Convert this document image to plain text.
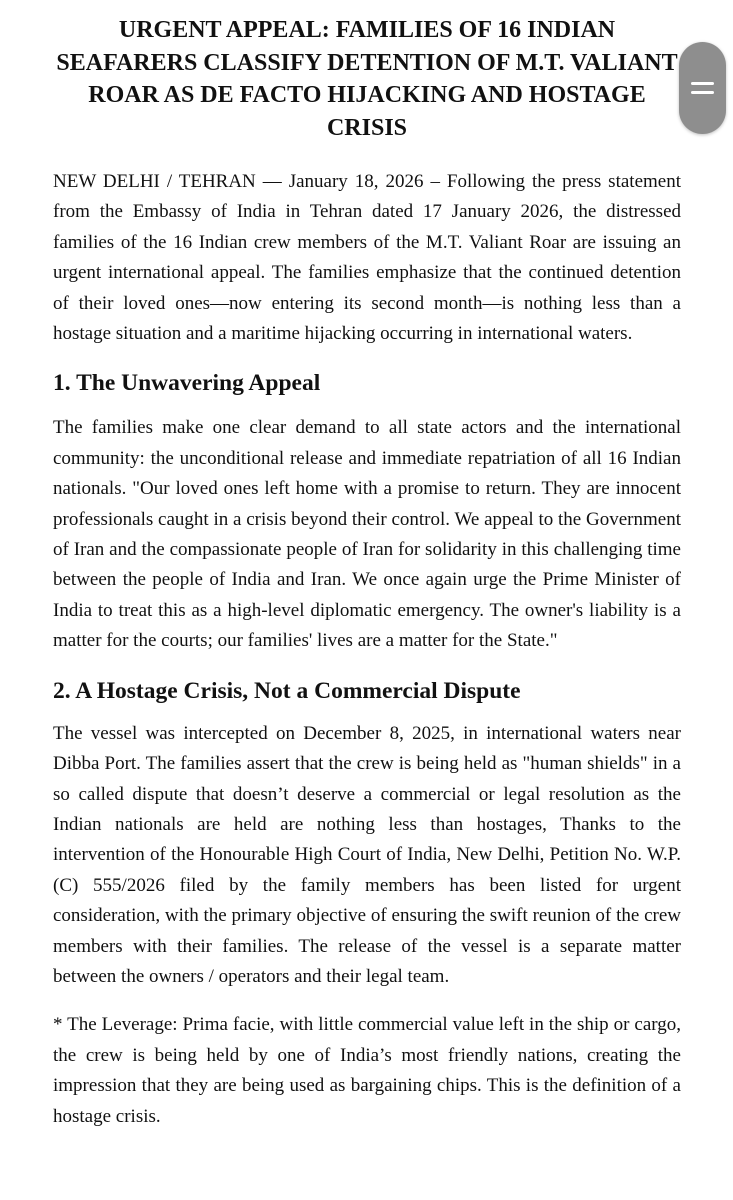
URGENT APPEAL: FAMILIES OF 16 INDIAN SEAFARERS CLASSIFY DETENTION OF M.T. VALIANT ROAR AS DE FACTO HIJACKING AND HOSTAGE CRISIS

NEW DELHI / TEHRAN — January 18, 2026 – Following the press statement from the Embassy of India in Tehran dated 17 January 2026, the distressed families of the 16 Indian crew members of the M.T. Valiant Roar are issuing an urgent international appeal. The families emphasize that the continued detention of their loved ones—now entering its second month—is nothing less than a hostage situation and a maritime hijacking occurring in international waters.

1. The Unwavering Appeal

The families make one clear demand to all state actors and the international community: the unconditional release and immediate repatriation of all 16 Indian nationals. "Our loved ones left home with a promise to return. They are innocent professionals caught in a crisis beyond their control. We appeal to the Government of Iran and the compassionate people of Iran for solidarity in this challenging time between the people of India and Iran. We once again urge the Prime Minister of India to treat this as a high-level diplomatic emergency. The owner's liability is a matter for the courts; our families' lives are a matter for the State."

2. A Hostage Crisis, Not a Commercial Dispute

The vessel was intercepted on December 8, 2025, in international waters near Dibba Port. The families assert that the crew is being held as "human shields" in a so called dispute that doesn’t deserve a commercial or legal resolution as the Indian nationals are held are nothing less than hostages, Thanks to the intervention of the Honourable High Court of India, New Delhi, Petition No. W.P.(C) 555/2026 filed by the family members has been listed for urgent consideration, with the primary objective of ensuring the swift reunion of the crew members with their families. The release of the vessel is a separate matter between the owners / operators and their legal team.

* The Leverage: Prima facie, with little commercial value left in the ship or cargo, the crew is being held by one of India’s most friendly nations, creating the impression that they are being used as bargaining chips. This is the definition of a hostage crisis.
